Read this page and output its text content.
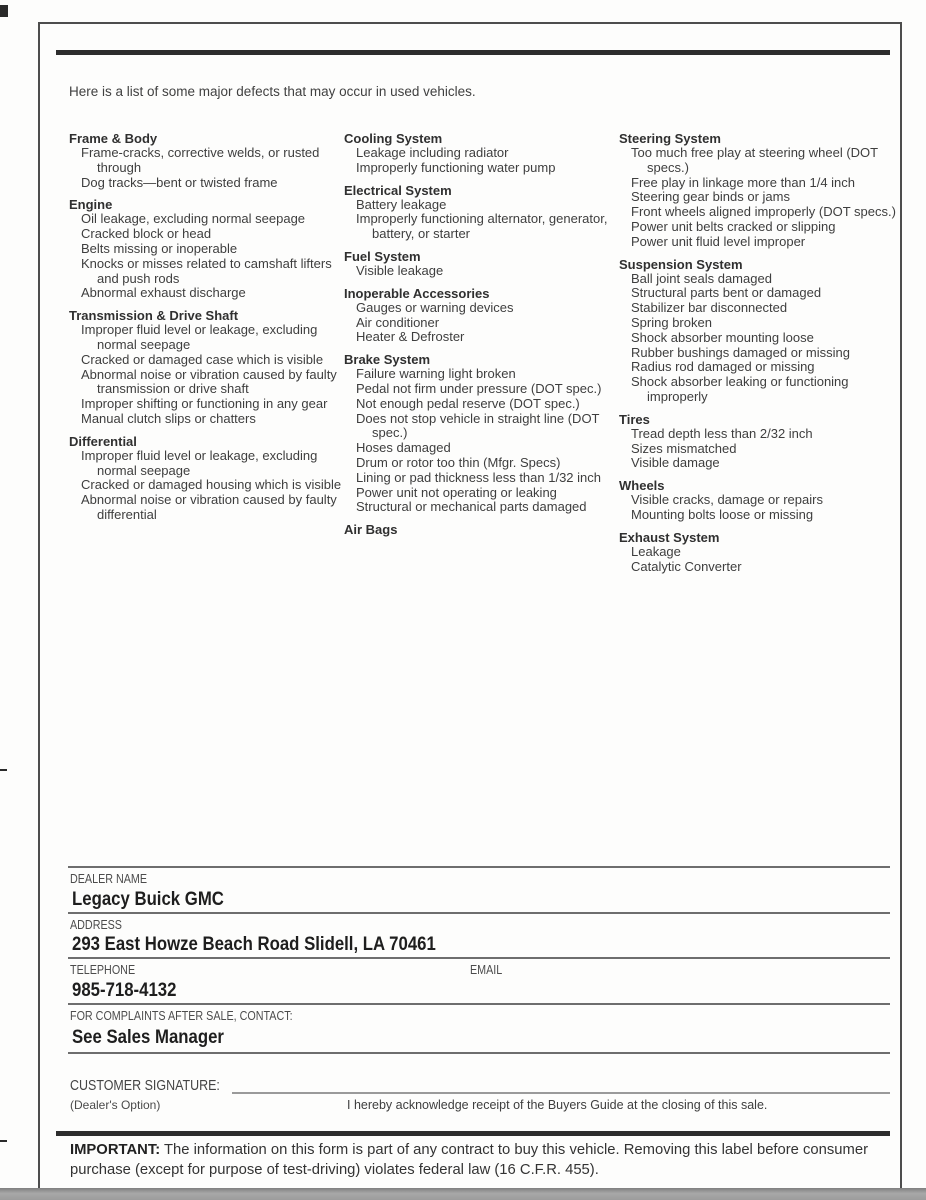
Here is a list of some major defects that may occur in used vehicles.
Frame & Body
Frame-cracks, corrective welds, or rusted through
Dog tracks—bent or twisted frame
Engine
Oil leakage, excluding normal seepage
Cracked block or head
Belts missing or inoperable
Knocks or misses related to camshaft lifters and push rods
Abnormal exhaust discharge
Transmission & Drive Shaft
Improper fluid level or leakage, excluding normal seepage
Cracked or damaged case which is visible
Abnormal noise or vibration caused by faulty transmission or drive shaft
Improper shifting or functioning in any gear
Manual clutch slips or chatters
Differential
Improper fluid level or leakage, excluding normal seepage
Cracked or damaged housing which is visible
Abnormal noise or vibration caused by faulty differential
Cooling System
Leakage including radiator
Improperly functioning water pump
Electrical System
Battery leakage
Improperly functioning alternator, generator, battery, or starter
Fuel System
Visible leakage
Inoperable Accessories
Gauges or warning devices
Air conditioner
Heater & Defroster
Brake System
Failure warning light broken
Pedal not firm under pressure (DOT spec.)
Not enough pedal reserve (DOT spec.)
Does not stop vehicle in straight line (DOT spec.)
Hoses damaged
Drum or rotor too thin (Mfgr. Specs)
Lining or pad thickness less than 1/32 inch
Power unit not operating or leaking
Structural or mechanical parts damaged
Air Bags
Steering System
Too much free play at steering wheel (DOT specs.)
Free play in linkage more than 1/4 inch
Steering gear binds or jams
Front wheels aligned improperly (DOT specs.)
Power unit belts cracked or slipping
Power unit fluid level improper
Suspension System
Ball joint seals damaged
Structural parts bent or damaged
Stabilizer bar disconnected
Spring broken
Shock absorber mounting loose
Rubber bushings damaged or missing
Radius rod damaged or missing
Shock absorber leaking or functioning improperly
Tires
Tread depth less than 2/32 inch
Sizes mismatched
Visible damage
Wheels
Visible cracks, damage or repairs
Mounting bolts loose or missing
Exhaust System
Leakage
Catalytic Converter
DEALER NAME
Legacy Buick GMC
ADDRESS
293 East Howze Beach Road Slidell, LA 70461
TELEPHONE	EMAIL
985-718-4132
FOR COMPLAINTS AFTER SALE, CONTACT:
See Sales Manager
CUSTOMER SIGNATURE:
(Dealer's Option)	I hereby acknowledge receipt of the Buyers Guide at the closing of this sale.
IMPORTANT: The information on this form is part of any contract to buy this vehicle. Removing this label before consumer purchase (except for purpose of test-driving) violates federal law (16 C.F.R. 455).
